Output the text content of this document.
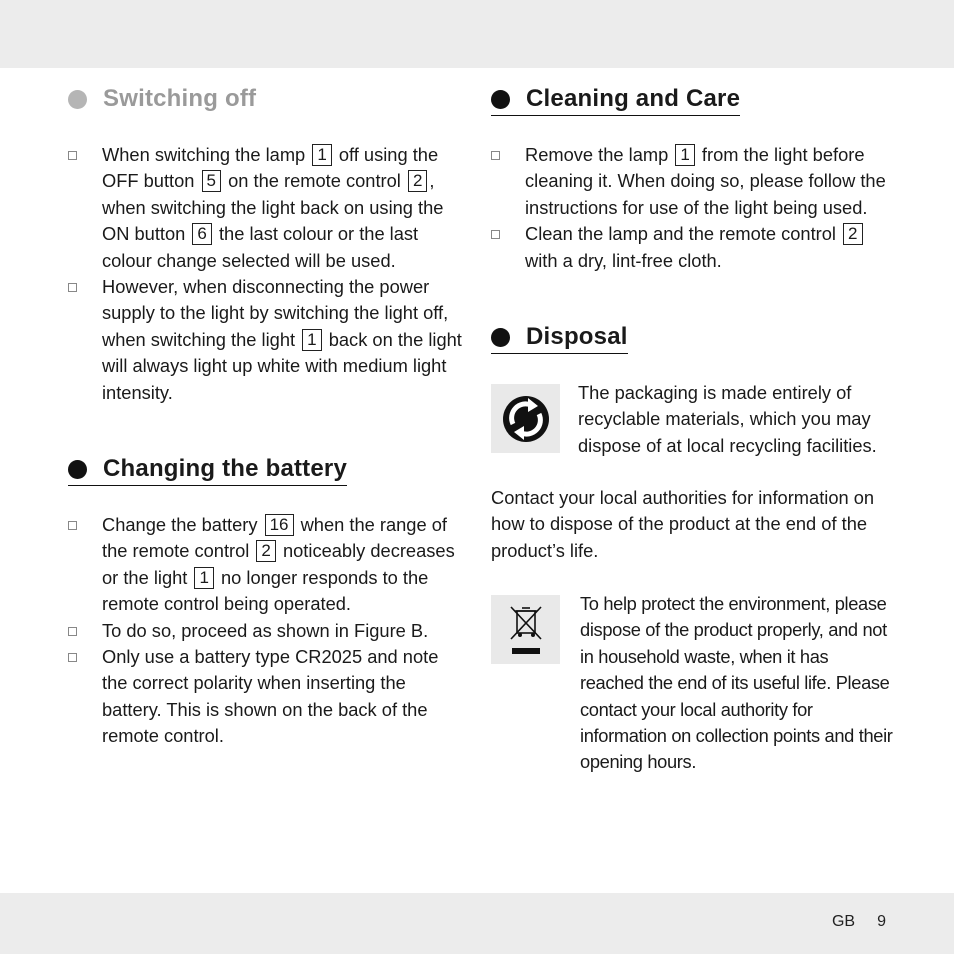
Switching off
When switching the lamp 1 off using the OFF button 5 on the remote control 2 , when switching the light back on using the ON button 6 the last colour or the last colour change selected will be used.
However, when disconnecting the power supply to the light by switching the light off, when switching the light 1 back on the light will always light up white with medium light intensity.
Changing the battery
Change the battery 16 when the range of the remote control 2 noticeably decreases or the light 1 no longer responds to the remote control being operated.
To do so, proceed as shown in Figure B.
Only use a battery type CR2025 and note the correct polarity when inserting the battery. This is shown on the back of the remote control.
Cleaning and Care
Remove the lamp 1 from the light before cleaning it. When doing so, please follow the instructions for use of the light being used.
Clean the lamp and the remote control 2 with a dry, lint-free cloth.
Disposal
The packaging is made entirely of recyclable materials, which you may dispose of at local recycling facilities.
Contact your local authorities for information on how to dispose of the product at the end of the product’s life.
To help protect the environment, please dispose of the product properly, and not in household waste, when it has reached the end of its useful life. Please contact your local authority for information on collection points and their opening hours.
GB 9
